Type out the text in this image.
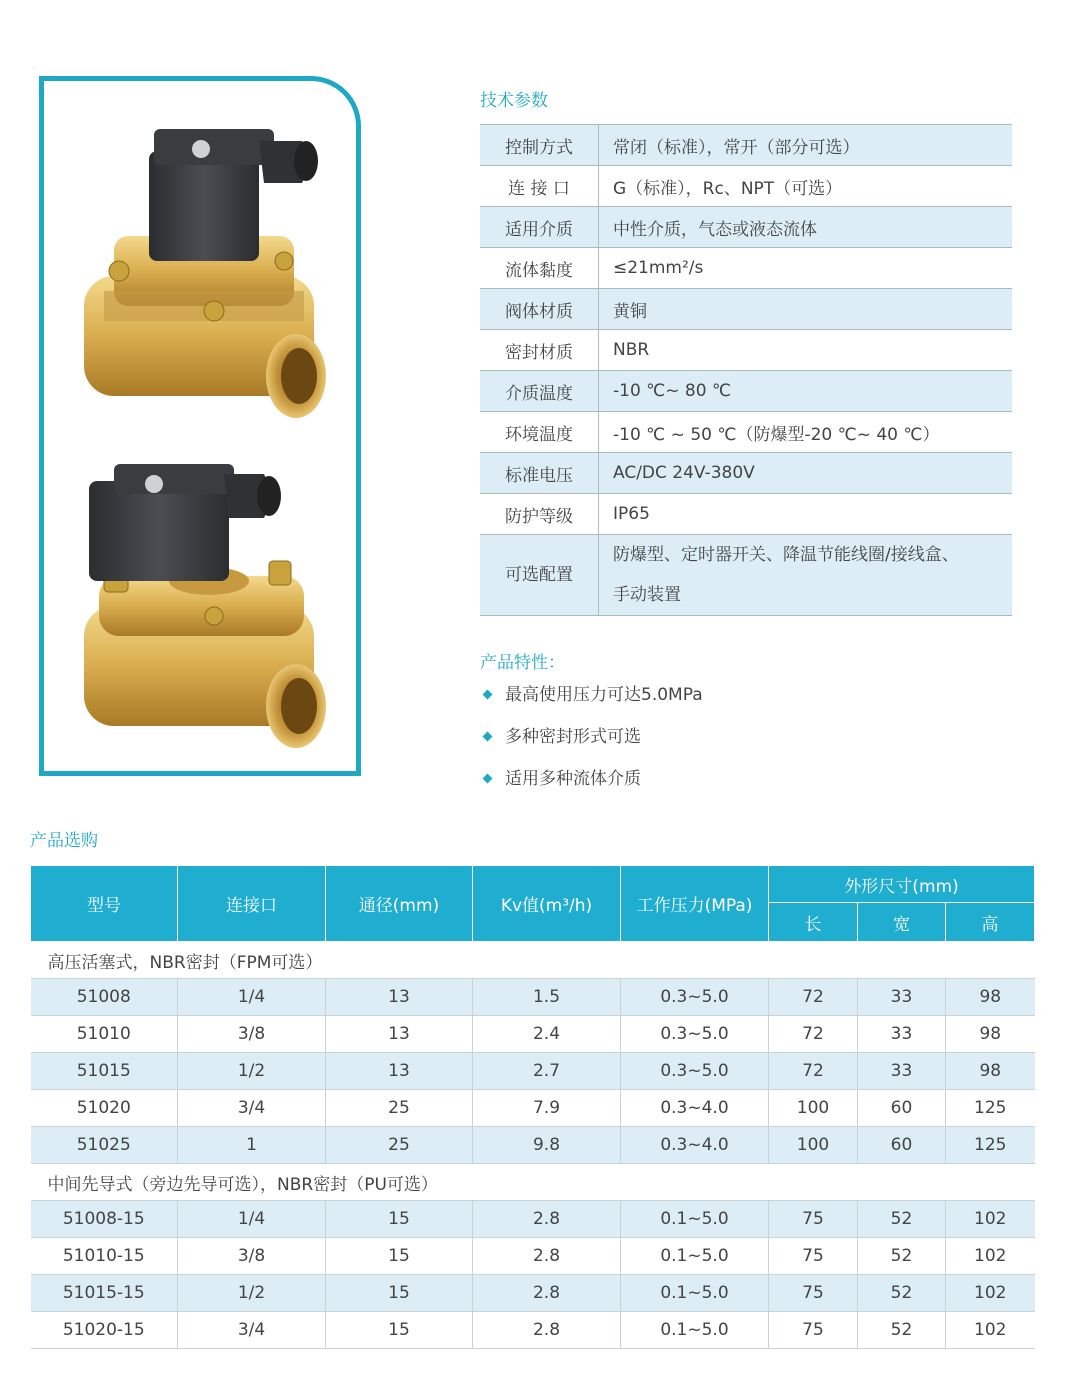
技术参数
控制方式	常闭（标准），常开（部分可选）
连 接 口	G（标准），Rc、NPT（可选）
适用介质	中性介质，气态或液态流体
流体黏度	≤21mm²/s
阀体材质	黄铜
密封材质	NBR
介质温度	-10 ℃~ 80 ℃
环境温度	-10 ℃ ~ 50 ℃（防爆型-20 ℃~ 40 ℃）
标准电压	AC/DC 24V-380V
防护等级	IP65
可选配置	防爆型、定时器开关、降温节能线圈/接线盒、
手动装置
产品特性：
最高使用压力可达5.0MPa
多种密封形式可选
适用多种流体介质
产品选购
型号	连接口	通径(mm)	Kv值(m³/h)	工作压力(MPa)	外形尺寸(mm)		
					长	宽	高
高压活塞式，NBR密封（FPM可选）							
51008	1/4	13	1.5	0.3~5.0	72	33	98
51010	3/8	13	2.4	0.3~5.0	72	33	98
51015	1/2	13	2.7	0.3~5.0	72	33	98
51020	3/4	25	7.9	0.3~4.0	100	60	125
51025	1	25	9.8	0.3~4.0	100	60	125
中间先导式（旁边先导可选），NBR密封（PU可选）							
51008-15	1/4	15	2.8	0.1~5.0	75	52	102
51010-15	3/8	15	2.8	0.1~5.0	75	52	102
51015-15	1/2	15	2.8	0.1~5.0	75	52	102
51020-15	3/4	15	2.8	0.1~5.0	75	52	102
